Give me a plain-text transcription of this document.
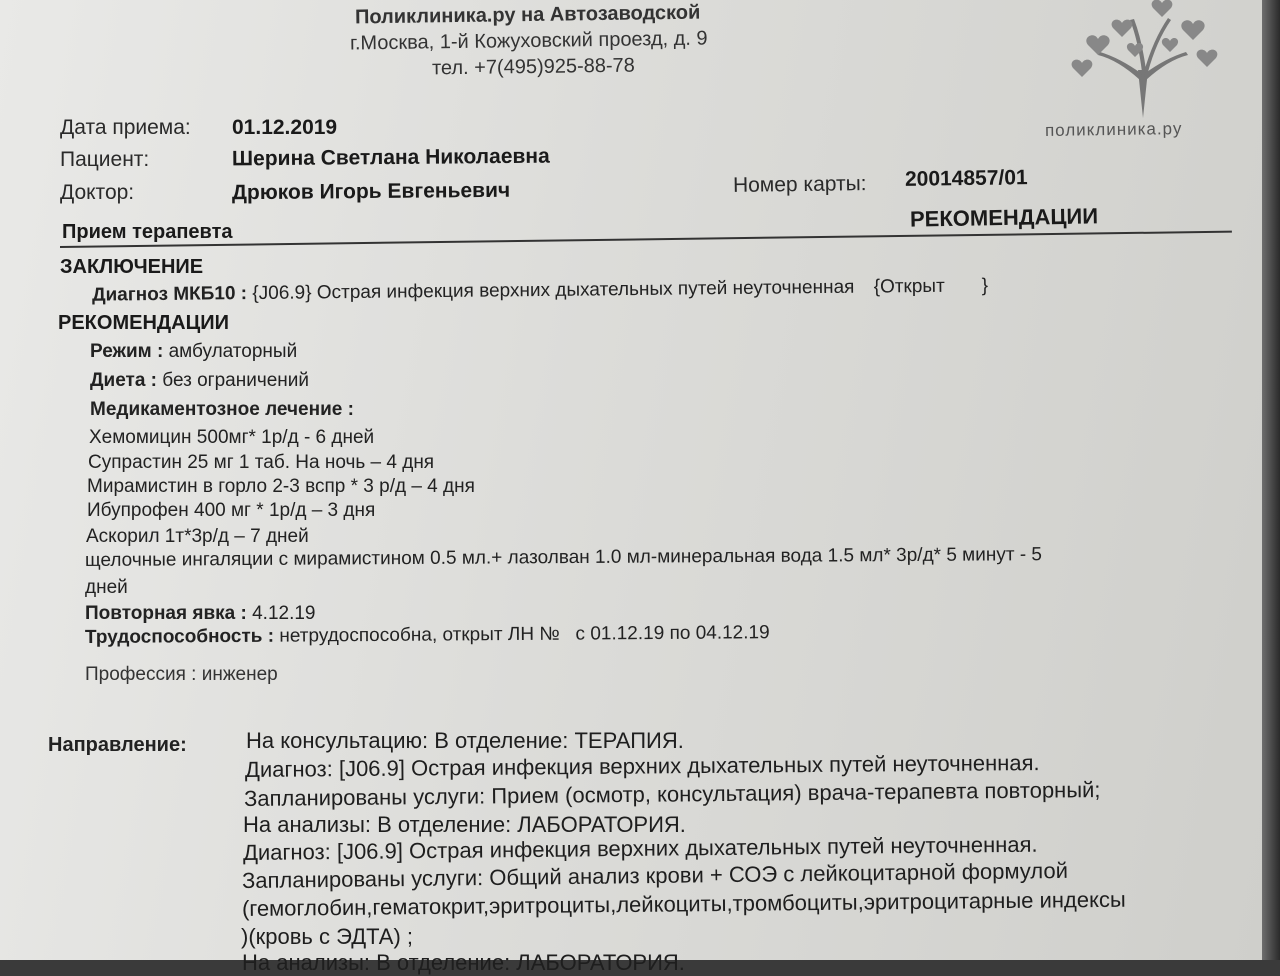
Поликлиника.ру на Автозаводской
г.Москва, 1-й Кожуховский проезд, д. 9
тел. +7(495)925-88-78
поликлиника.ру
Дата приема: 01.12.2019
Пациент:	Шерина Светлана Николаевна
Доктор:	Дрюков Игорь Евгеньевич	Номер карты: 20014857/01
Прием терапевта
РЕКОМЕНДАЦИИ
ЗАКЛЮЧЕНИЕ
Диагноз МКБ10 : {J06.9} Острая инфекция верхних дыхательных путей неуточненная {Открыт       }
РЕКОМЕНДАЦИИ
Режим : амбулаторный
Диета : без ограничений
Медикаментозное лечение :
Хемомицин 500мг* 1р/д - 6 дней
Супрастин 25 мг 1 таб. На ночь – 4 дня
Мирамистин в горло 2-3 вспр * 3 р/д – 4 дня
Ибупрофен 400 мг * 1р/д – 3 дня
Аскорил 1т*3р/д – 7 дней
щелочные ингаляции с мирамистином 0.5 мл.+ лазолван 1.0 мл-минеральная вода 1.5 мл* 3р/д* 5 минут - 5
дней
Повторная явка : 4.12.19
Трудоспособность : нетрудоспособна, открыт ЛН №   с 01.12.19 по 04.12.19
Профессия : инженер
Направление:	На консультацию: В отделение: ТЕРАПИЯ.
Диагноз: [J06.9] Острая инфекция верхних дыхательных путей неуточненная.
Запланированы услуги: Прием (осмотр, консультация) врача-терапевта повторный;
На анализы: В отделение: ЛАБОРАТОРИЯ.
Диагноз: [J06.9] Острая инфекция верхних дыхательных путей неуточненная.
Запланированы услуги: Общий анализ крови + СОЭ с лейкоцитарной формулой
(гемоглобин,гематокрит,эритроциты,лейкоциты,тромбоциты,эритроцитарные индексы
)(кровь с ЭДТА) ;
На анализы: В отделение: ЛАБОРАТОРИЯ.
